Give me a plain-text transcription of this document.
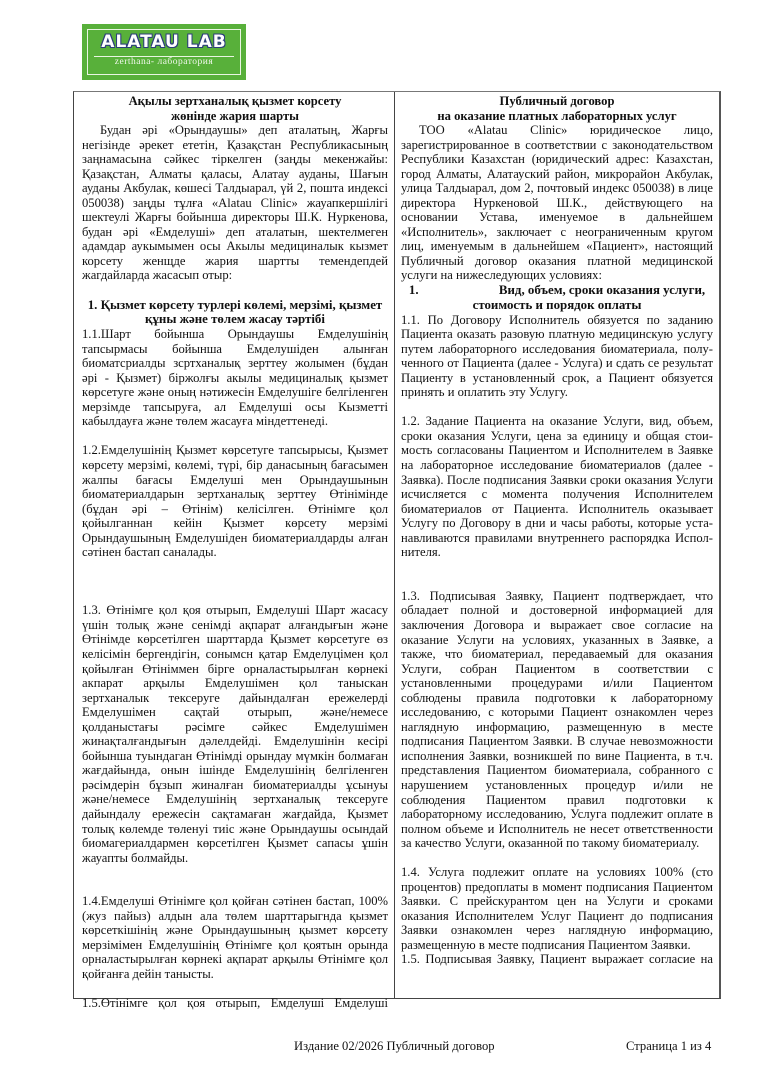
ALATAU LAB
zerthana- лаборатория
Ақылы зертханалық қызмет корсету
жөнінде жария шарты

Будан əрі «Орындаушы» деп аталатың, Жарғы негізінде əрекет ететін, Қазақстан Республикасының заңнамасына сəйкес тіркелген (заңды мекенжайы: Қазақстан, Алматы қаласы, Алатау ауданы, Шағын ауданы Акбулак, көшесі Талдыарал, үй 2, пошта индексі 050038) заңды тұлға «Alatau Clinic» жауапкершілігі шектеулі Жарғы бойынша директоры Ш.К. Нуркенова, будан əрі «Емделуші» деп аталатын, шектелмеген адамдар аукымымен осы Акылы медициналык кызмет корсету женщде жария шартты темендепдей жагдайларда жасасып отыр:

1. Қызмет көрсету турлері көлемі, мерзімі, қызмет құны жəне төлем жасау тəртібі

1.1.Шарт бойынша Орындаушы Емделушінің тапсырмасы бойынша Емделушіден алынған биоматсриалды зсртханалық зерттеу жолымен (бұдан əрі - Қызмет) біржолғы акылы медициналық қызмет көрсетуге жəне оның нəтижесін Емделушіге белгіленген мерзімде тапсыруға, ал Емделуші осы Кызметті кабылдауға жəне төлем жасауға міндеттенеді.

1.2.Емделушінің Қызмет көрсетуге тапсырысы, Қызмет көрсету мерзімі, көлемі, түрі, бір данасының бағасымен жалпы бағасы Емделуші мен Орындаушынын биоматериалдарын зертханалық зерттеу Өтінімінде (бұдан əрі – Өтінім) келісілген. Өтінімге қол қойылганнан кейін Қызмет көрсету мерзімі Орындаушының Емделушіден биоматериалдарды алған сəтінен бастап саналады.

1.3. Өтінімге қол қоя отырып, Емделуші Шарт жасасу үшін толық жəне сенімді ақпарат алғандығын жəне Өтінімде көрсетілген шарттарда Қызмет көрсетуге өз келісімін бергендігін, сонымсн қатар Емделуцімен қол қойылған Өтініммен бірге орналастырылған көрнекі акпарат арқылы Емделушімен қол таныскан зертханалык тексеруге дайындалған ережелерді Емделушімен сақтай отырып, жəне/немесе қолданыстағы рəсімге сəйкес Емделушімен жинақталғандығын дəлелдейді. Емделушінін кесірі бойынша туындаган Өтінімді орындау мүмкін болмаған жағдайында, онын ішінде Емделушінің белгіленген рəсімдерін бұзып жиналған биоматериалды ұсынуы жəне/немесе Емделушінің зертханалық тексеруге дайындалу ережесін сақтамаған жағдайда, Қызмет толық көлемде төленуі тиіс жəне Орындаушы осындай биомагериалдармен көрсетілген Қызмет сапасы ұшін жауапты болмайды.

1.4.Емделуші Өтінімге қол қойған сəтінен бастап, 100% (жуз пайыз) алдын ала төлем шарттарыгнда қызмет көрсеткішінің жəне Орындаушының қызмет көрсету мерзімімен Емделушінің Өтінімге қол қоятын орында орналастырылған көрнекі ақпарат арқылы Өтінімге қол қойғанға дейін танысты.

1.5.Өтінімге қол қоя отырып, Емделуші Емделуші

Публичный договор
на оказание платных лабораторных услуг

ТОО «Alatau Clinic» юридическое лицо, зарегистрированное в соответствии с законодательством Республики Казахстан (юридический адрес: Казахстан, город Алматы, Алатауский район, микрорайон Акбулак, улица Талдыарал, дом 2, почтовый индекс 050038) в лице директора Нуркеновой Ш.К., действующего на основании Устава, именуемое в дальнейшем «Исполнитель», заключает с неограниченным кругом лиц, именуемым в дальнейшем «Пациент», настоящий Публичный договор оказания платной медицинской услуги на нижеследующих условиях:

1.	Вид, объем, сроки оказания услуги,
стоимость и порядок оплаты

1.1. По Договору Исполнитель обязуется по заданию Пациента оказать разовую платную медицинскую услугу путем лабораторного исследования биоматериала, полученного от Пациента (далее - Услуга) и сдать се результат Пациенту в установленный срок, а Пациент обязуется принять и оплатить эту Услугу.

1.2. Задание Пациента на оказание Услуги, вид, объем, сроки оказания Услуги, цена за единицу и общая стоимость согласованы Пациентом и Исполнителем в Заявке на лабораторное исследование биоматериалов (далее - Заявка). После подписания Заявки сроки оказания Услуги исчисляется с момента получения Исполнителем биоматериалов от Пациента. Исполнитель оказывает Услугу по Договору в дни и часы работы, которые устанавливаются правилами внутреннего распорядка Исполнителя.

1.3. Подписывая Заявку, Пациент подтверждает, что обладает полной и достоверной информацией для заключения Договора и выражает свое согласие на оказание Услуги на условиях, указанных в Заявке, а также, что биоматериал, передаваемый для оказания Услуги, собран Пациентом в соответствии с установленными процедурами и/или Пациентом соблюдены правила подготовки к лабораторному исследованию, с которыми Пациент ознакомлен через наглядную информацию, размещенную в месте подписания Пациентом Заявки. В случае невозможности исполнения Заявки, возникшей по вине Пациента, в т.ч. представления Пациентом биоматериала, собранного с нарушением установленных процедур и/или не соблюдения Пациентом правил подготовки к лабораторному исследованию, Услуга подлежит оплате в полном объеме и Исполнитель не несет ответственности за качество Услуги, оказанной по такому биоматериалу.

1.4. Услуга подлежит оплате на условиях 100% (сто процентов) предоплаты в момент подписания Пациентом Заявки. С прейскурантом цен на Услуги и сроками оказания Исполнителем Услуг Пациент до подписания Заявки ознакомлен через наглядную информацию, размещенную в месте подписания Пациентом Заявки.

1.5. Подписывая Заявку, Пациент выражает согласие на

Издание 02/2026 Публичный договор	Страница 1 из 4
